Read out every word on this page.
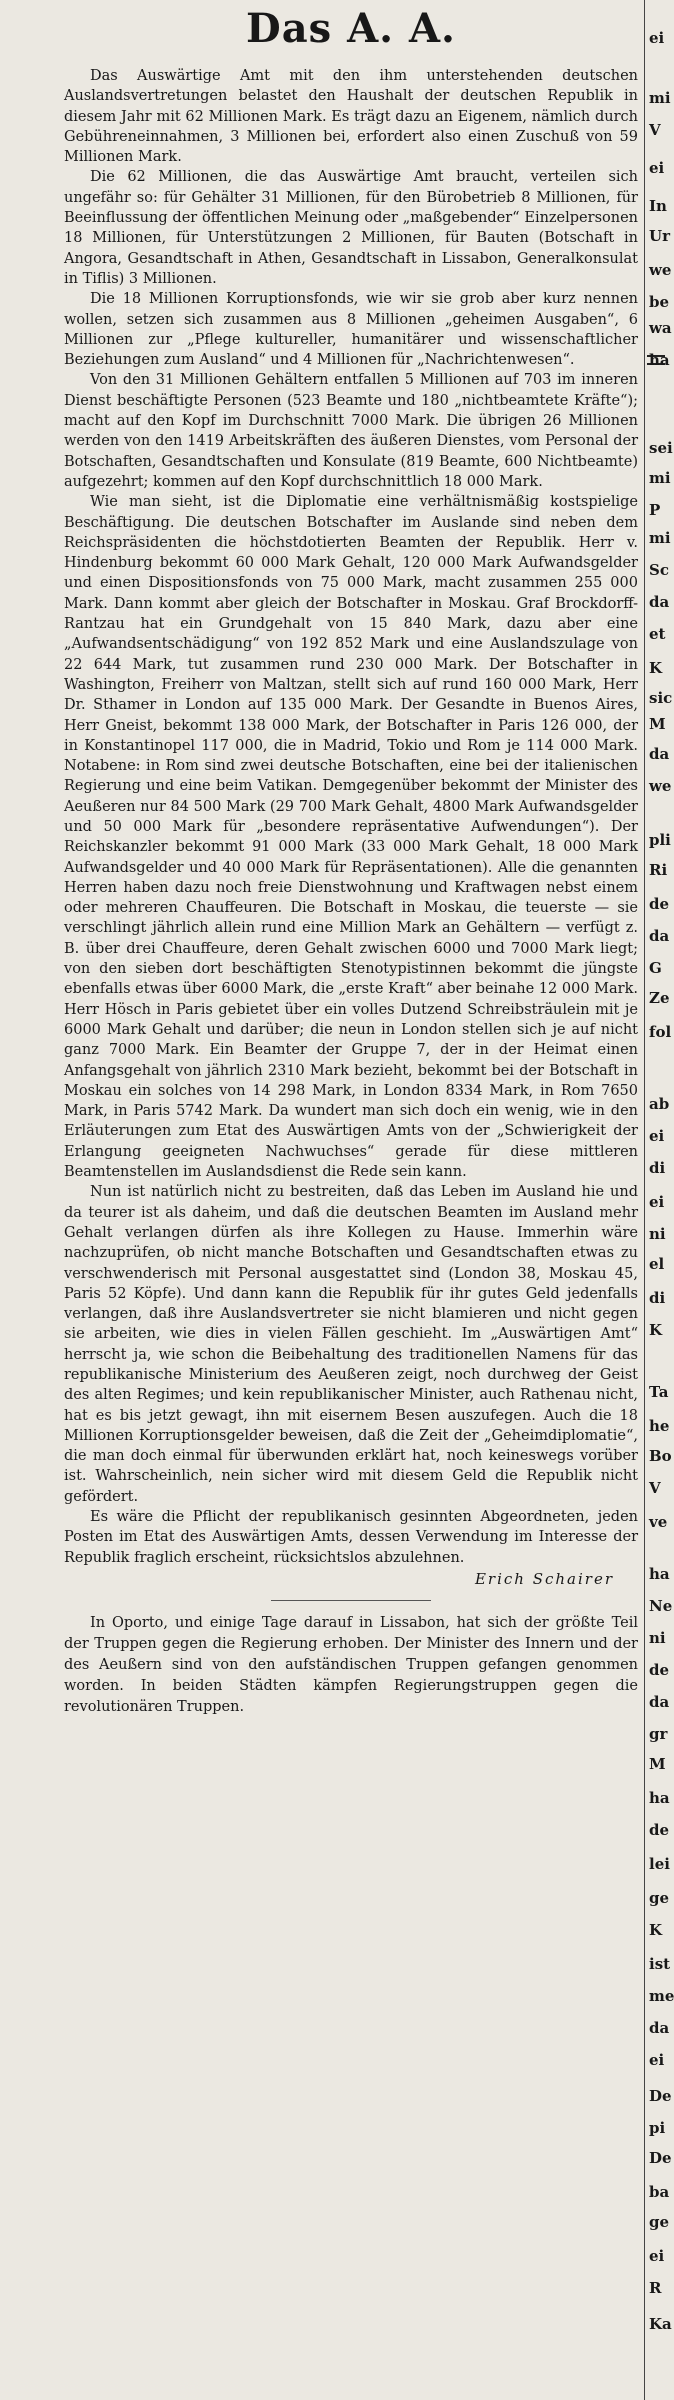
Das A. A.

Das Auswärtige Amt mit den ihm unterstehenden deutschen Auslandsvertretungen belastet den Haushalt der deutschen Republik in diesem Jahr mit 62 Millionen Mark. Es trägt dazu an Eigenem, nämlich durch Gebühreneinnahmen, 3 Millionen bei, erfordert also einen Zuschuß von 59 Millionen Mark.

Die 62 Millionen, die das Auswärtige Amt braucht, verteilen sich ungefähr so: für Gehälter 31 Millionen, für den Bürobetrieb 8 Millionen, für Beeinflussung der öffentlichen Meinung oder „maßgebender“ Einzelpersonen 18 Millionen, für Unterstützungen 2 Millionen, für Bauten (Botschaft in Angora, Gesandtschaft in Athen, Gesandtschaft in Lissabon, Generalkonsulat in Tiflis) 3 Millionen.

Die 18 Millionen Korruptionsfonds, wie wir sie grob aber kurz nennen wollen, setzen sich zusammen aus 8 Millionen „geheimen Ausgaben“, 6 Millionen zur „Pflege kultureller, humanitärer und wissenschaftlicher Beziehungen zum Ausland“ und 4 Millionen für „Nachrichtenwesen“.

Von den 31 Millionen Gehältern entfallen 5 Millionen auf 703 im inneren Dienst beschäftigte Personen (523 Beamte und 180 „nichtbeamtete Kräfte“); macht auf den Kopf im Durchschnitt 7000 Mark. Die übrigen 26 Millionen werden von den 1419 Arbeitskräften des äußeren Dienstes, vom Personal der Botschaften, Gesandtschaften und Konsulate (819 Beamte, 600 Nichtbeamte) aufgezehrt; kommen auf den Kopf durchschnittlich 18 000 Mark.

Wie man sieht, ist die Diplomatie eine verhältnismäßig kostspielige Beschäftigung. Die deutschen Botschafter im Auslande sind neben dem Reichspräsidenten die höchstdotierten Beamten der Republik. Herr v. Hindenburg bekommt 60 000 Mark Gehalt, 120 000 Mark Aufwandsgelder und einen Dispositionsfonds von 75 000 Mark, macht zusammen 255 000 Mark. Dann kommt aber gleich der Botschafter in Moskau. Graf Brockdorff-Rantzau hat ein Grundgehalt von 15 840 Mark, dazu aber eine „Aufwandsentschädigung“ von 192 852 Mark und eine Auslandszulage von 22 644 Mark, tut zusammen rund 230 000 Mark. Der Botschafter in Washington, Freiherr von Maltzan, stellt sich auf rund 160 000 Mark, Herr Dr. Sthamer in London auf 135 000 Mark. Der Gesandte in Buenos Aires, Herr Gneist, bekommt 138 000 Mark, der Botschafter in Paris 126 000, der in Konstantinopel 117 000, die in Madrid, Tokio und Rom je 114 000 Mark. Notabene: in Rom sind zwei deutsche Botschaften, eine bei der italienischen Regierung und eine beim Vatikan. Demgegenüber bekommt der Minister des Aeußeren nur 84 500 Mark (29 700 Mark Gehalt, 4800 Mark Aufwandsgelder und 50 000 Mark für „besondere repräsentative Aufwendungen“). Der Reichskanzler bekommt 91 000 Mark (33 000 Mark Gehalt, 18 000 Mark Aufwandsgelder und 40 000 Mark für Repräsentationen). Alle die genannten Herren haben dazu noch freie Dienstwohnung und Kraftwagen nebst einem oder mehreren Chauffeuren. Die Botschaft in Moskau, die teuerste — sie verschlingt jährlich allein rund eine Million Mark an Gehältern — verfügt z. B. über drei Chauffeure, deren Gehalt zwischen 6000 und 7000 Mark liegt; von den sieben dort beschäftigten Stenotypistinnen bekommt die jüngste ebenfalls etwas über 6000 Mark, die „erste Kraft“ aber beinahe 12 000 Mark. Herr Hösch in Paris gebietet über ein volles Dutzend Schreibsträulein mit je 6000 Mark Gehalt und darüber; die neun in London stellen sich je auf nicht ganz 7000 Mark. Ein Beamter der Gruppe 7, der in der Heimat einen Anfangsgehalt von jährlich 2310 Mark bezieht, bekommt bei der Botschaft in Moskau ein solches von 14 298 Mark, in London 8334 Mark, in Rom 7650 Mark, in Paris 5742 Mark. Da wundert man sich doch ein wenig, wie in den Erläuterungen zum Etat des Auswärtigen Amts von der „Schwierigkeit der Erlangung geeigneten Nachwuchses“ gerade für diese mittleren Beamtenstellen im Auslandsdienst die Rede sein kann.

Nun ist natürlich nicht zu bestreiten, daß das Leben im Ausland hie und da teurer ist als daheim, und daß die deutschen Beamten im Ausland mehr Gehalt verlangen dürfen als ihre Kollegen zu Hause. Immerhin wäre nachzuprüfen, ob nicht manche Botschaften und Gesandtschaften etwas zu verschwenderisch mit Personal ausgestattet sind (London 38, Moskau 45, Paris 52 Köpfe). Und dann kann die Republik für ihr gutes Geld jedenfalls verlangen, daß ihre Auslandsvertreter sie nicht blamieren und nicht gegen sie arbeiten, wie dies in vielen Fällen geschieht. Im „Auswärtigen Amt“ herrscht ja, wie schon die Beibehaltung des traditionellen Namens für das republikanische Ministerium des Aeußeren zeigt, noch durchweg der Geist des alten Regimes; und kein republikanischer Minister, auch Rathenau nicht, hat es bis jetzt gewagt, ihn mit eisernem Besen auszufegen. Auch die 18 Millionen Korruptionsgelder beweisen, daß die Zeit der „Geheimdiplomatie“, die man doch einmal für überwunden erklärt hat, noch keineswegs vorüber ist. Wahrscheinlich, nein sicher wird mit diesem Geld die Republik nicht gefördert.

Es wäre die Pflicht der republikanisch gesinnten Abgeordneten, jeden Posten im Etat des Auswärtigen Amts, dessen Verwendung im Interesse der Republik fraglich erscheint, rücksichtslos abzulehnen.

Erich Schairer

In Oporto, und einige Tage darauf in Lissabon, hat sich der größte Teil der Truppen gegen die Regierung erhoben. Der Minister des Innern und der des Aeußern sind von den aufständischen Truppen gefangen genommen worden. In beiden Städten kämpfen Regierungstruppen gegen die revolutionären Truppen.

ei
mi
V
ei
In
Ur
we
be
wa
ha
sei
mi
P
mi
Sc
da
et
K
sic
M
da
we
pli
Ri
de
da
G
Ze
fol
ab
ei
di
ei
ni
el
di
K
Ta
he
Bo
V
ve
ha
Ne
ni
de
da
gr
M
ha
de
lei
ge
K
ist
me
da
ei
De
pi
De
ba
ge
ei
R
Ka
